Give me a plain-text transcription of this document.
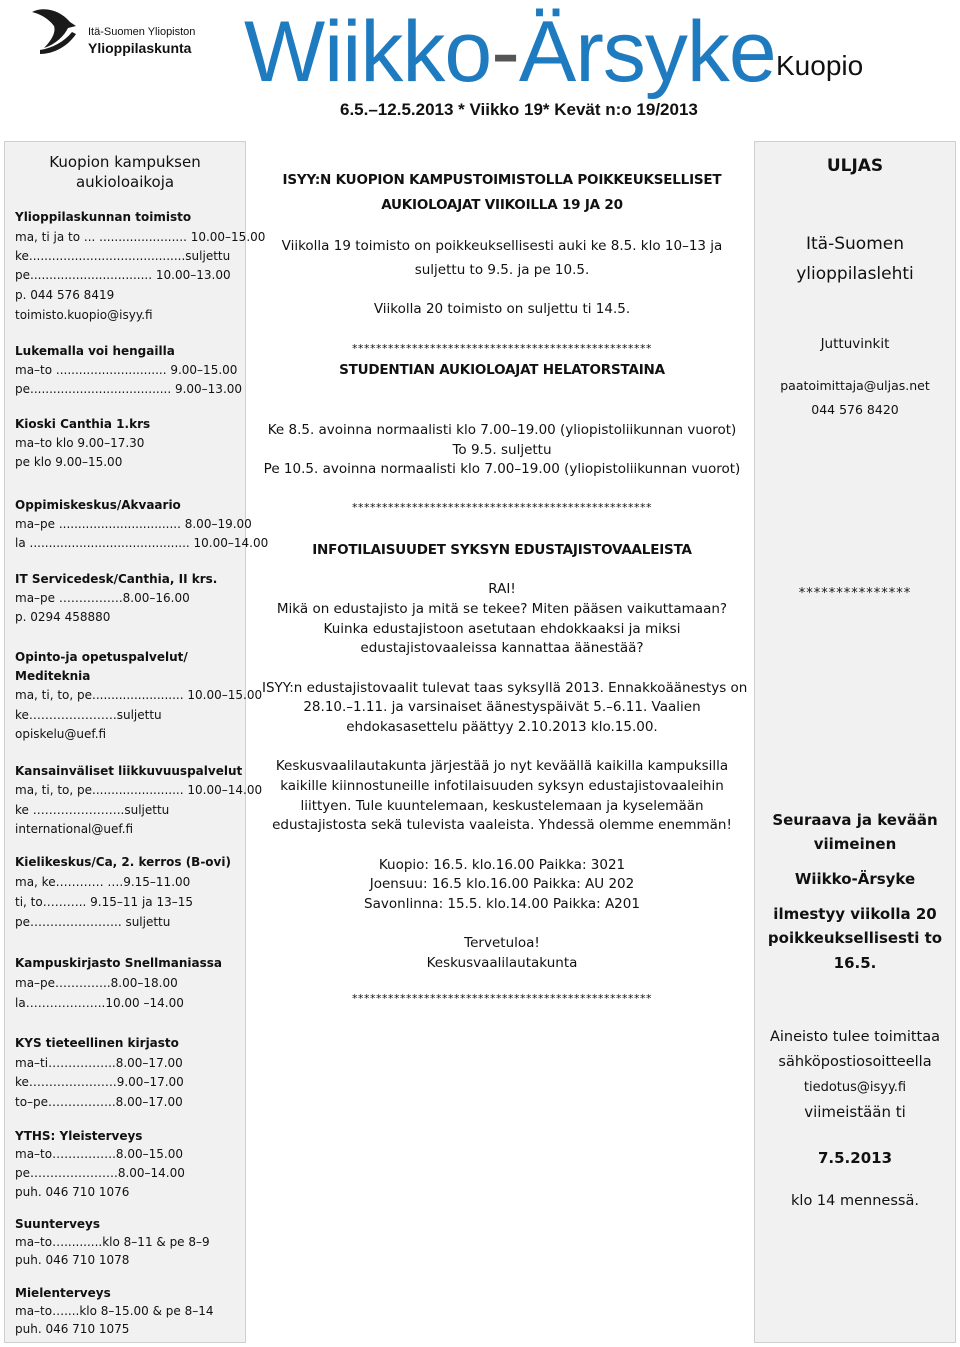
Itä-Suomen Yliopiston
Ylioppilaskunta Wiikko-Ärsyke Kuopio
6.5.–12.5.2013 * Viikko 19* Kevät n:o 19/2013
Kuopion kampuksen
aukioloaikoja
Ylioppilaskunnan toimisto
ma, ti ja to ... ....................... 10.00–15.00
ke.........................................suljettu
pe................................ 10.00–13.00
p. 044 576 8419
toimisto.kuopio@isyy.fi
Lukemalla voi hengailla
ma–to ............................. 9.00–15.00
pe..................................... 9.00–13.00
Kioski Canthia 1.krs
ma–to klo 9.00–17.30
pe klo 9.00–15.00
Oppimiskeskus/Akvaario
ma–pe ................................ 8.00–19.00
la .......................................... 10.00–14.00
IT Servicedesk/Canthia, II krs.
ma–pe …………….8.00–16.00
p. 0294 458880
Opinto-ja opetuspalvelut/
Mediteknia
ma, ti, to, pe........................ 10.00–15.00
ke………………….suljettu
opiskelu@uef.fi
Kansainväliset liikkuvuuspalvelut
ma, ti, to, pe........................ 10.00–14.00
ke …………………..suljettu
international@uef.fi
Kielikeskus/Ca, 2. kerros (B-ovi)
ma, ke………… ….9.15–11.00
ti, to……….. 9.15–11 ja 13–15
pe………………….. suljettu
Kampuskirjasto Snellmaniassa
ma–pe…………..8.00–18.00
la………………..10.00 –14.00
KYS tieteellinen kirjasto
ma–ti……………..8.00–17.00
ke………………….9.00–17.00
to–pe……………..8.00–17.00
YTHS: Yleisterveys
ma–to…………….8.00–15.00
pe………………….8.00–14.00
puh. 046 710 1076
Suunterveys
ma–to…..........klo 8–11 & pe 8–9
puh. 046 710 1078
Mielenterveys
ma–to…....klo 8–15.00 & pe 8–14
puh. 046 710 1075
ISYY:N KUOPION KAMPUSTOIMISTOLLA POIKKEUKSELLISET
AUKIOLOAJAT VIIKOILLA 19 JA 20
Viikolla 19 toimisto on poikkeuksellisesti auki ke 8.5. klo 10–13 ja
suljettu to 9.5. ja pe 10.5.
Viikolla 20 toimisto on suljettu ti 14.5.
**************************************************
STUDENTIAN AUKIOLOAJAT HELATORSTAINA
Ke 8.5. avoinna normaalisti klo 7.00–19.00 (yliopistoliikunnan vuorot)
To 9.5. suljettu
Pe 10.5. avoinna normaalisti klo 7.00–19.00 (yliopistoliikunnan vuorot)
**************************************************
INFOTILAISUUDET SYKSYN EDUSTAJISTOVAALEISTA
RAI!
Mikä on edustajisto ja mitä se tekee? Miten pääsen vaikuttamaan?
Kuinka edustajistoon asetutaan ehdokkaaksi ja miksi
edustajistovaaleissa kannattaa äänestää?
ISYY:n edustajistovaalit tulevat taas syksyllä 2013. Ennakkoäänestys on
28.10.–1.11. ja varsinaiset äänestyspäivät 5.–6.11. Vaalien
ehdokasasettelu päättyy 2.10.2013 klo.15.00.
Keskusvaalilautakunta järjestää jo nyt keväällä kaikilla kampuksilla
kaikille kiinnostuneille infotilaisuuden syksyn edustajistovaaleihin
liittyen. Tule kuuntelemaan, keskustelemaan ja kyselemään
edustajistosta sekä tulevista vaaleista. Yhdessä olemme enemmän!
Kuopio: 16.5. klo.16.00 Paikka: 3021
Joensuu: 16.5 klo.16.00 Paikka: AU 202
Savonlinna: 15.5. klo.14.00 Paikka: A201
Tervetuloa!
Keskusvaalilautakunta
**************************************************
ULJAS
Itä-Suomen
ylioppilaslehti
Juttuvinkit
paatoimittaja@uljas.net
044 576 8420
***************
Seuraava ja kevään
viimeinen
Wiikko-Ärsyke
ilmestyy viikolla 20
poikkeuksellisesti to
16.5.
Aineisto tulee toimittaa
sähköpostiosoitteella
tiedotus@isyy.fi
viimeistään ti
7.5.2013
klo 14 mennessä.
